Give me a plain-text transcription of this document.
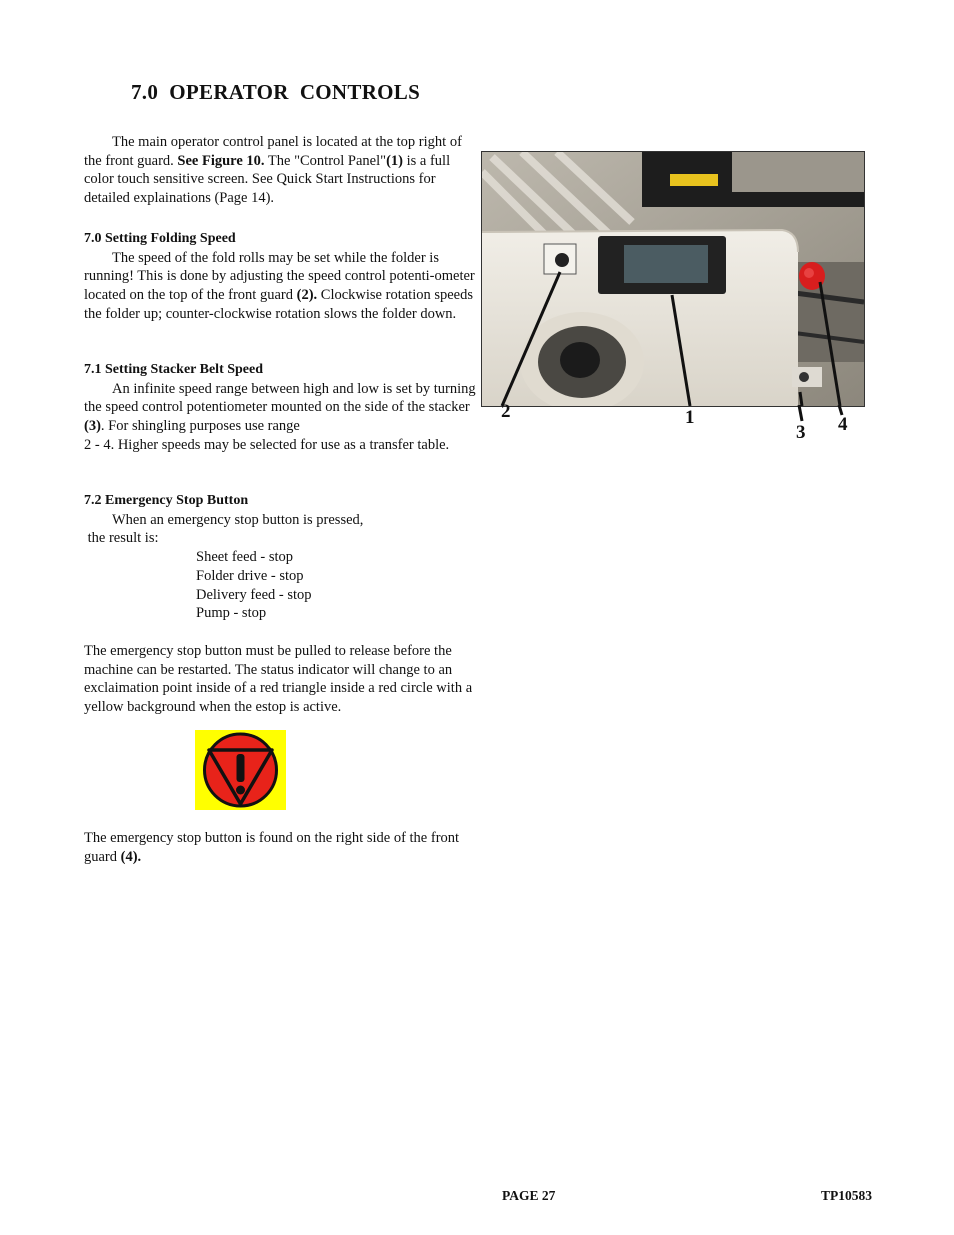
7.0  OPERATOR  CONTROLS

The main operator control panel is located at the top right of the front guard. See Figure 10. The "Control Panel"(1) is a full color touch sensitive screen. See Quick Start Instructions for detailed explainations (Page 14).

7.0 Setting Folding Speed

The speed of the fold rolls may be set while the folder is running! This is done by adjusting the speed control potenti-ometer located on the top of the front guard (2). Clockwise rotation speeds the folder up; counter-clockwise rotation slows the folder down.

7.1 Setting Stacker Belt Speed

An infinite speed range between high and low is set by turning the speed control potentiometer mounted on the side of the stacker (3). For shingling purposes use range

2 - 4. Higher speeds may be selected for use as a transfer table.

7.2 Emergency Stop Button

When an emergency stop button is pressed,

the result is:

Sheet feed - stop
Folder drive - stop
Delivery feed - stop
Pump - stop

The emergency stop button must be pulled to release before the machine can be restarted. The status indicator will change to an exclaimation point inside of a red triangle inside a red circle with a yellow background when the estop is active.

The emergency stop button is found on the right side of the front guard (4).

2	1
3 4
PAGE 27	TP10583
